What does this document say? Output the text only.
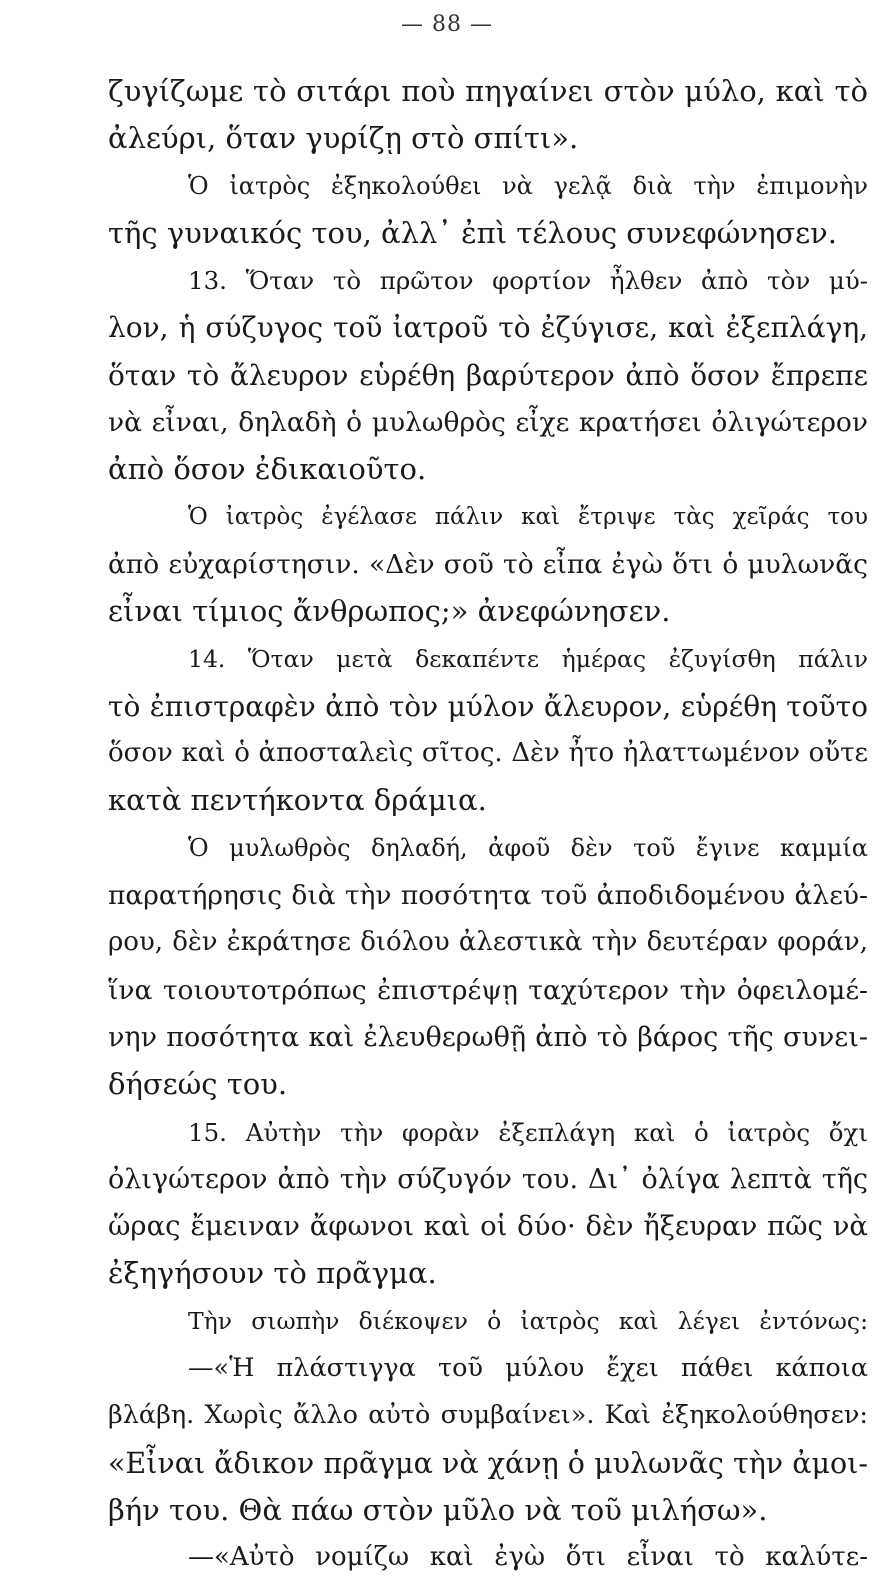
— 88 —
ζυγίζωμε τὸ σιτάρι ποὺ πηγαίνει στὸν μύλο, καὶ τὸ
ἀλεύρι, ὅταν γυρίζῃ στὸ σπίτι».
Ὁ ἰατρὸς ἐξηκολούθει νὰ γελᾷ διὰ τὴν ἐπιμονὴν
τῆς γυναικός του, ἀλλ᾽ ἐπὶ τέλους συνεφώνησεν.
13. Ὅταν τὸ πρῶτον φορτίον ἦλθεν ἀπὸ τὸν μύ-
λον, ἡ σύζυγος τοῦ ἰατροῦ τὸ ἐζύγισε, καὶ ἐξεπλάγη,
ὅταν τὸ ἄλευρον εὑρέθη βαρύτερον ἀπὸ ὅσον ἔπρεπε
νὰ εἶναι, δηλαδὴ ὁ μυλωθρὸς εἶχε κρατήσει ὀλιγώτερον
ἀπὸ ὅσον ἐδικαιοῦτο.
Ὁ ἰατρὸς ἐγέλασε πάλιν καὶ ἔτριψε τὰς χεῖράς του
ἀπὸ εὐχαρίστησιν. «Δὲν σοῦ τὸ εἶπα ἐγὼ ὅτι ὁ μυλωνᾶς
εἶναι τίμιος ἄνθρωπος;» ἀνεφώνησεν.
14. Ὅταν μετὰ δεκαπέντε ἡμέρας ἐζυγίσθη πάλιν
τὸ ἐπιστραφὲν ἀπὸ τὸν μύλον ἄλευρον, εὑρέθη τοῦτο
ὅσον καὶ ὁ ἀποσταλεὶς σῖτος. Δὲν ἦτο ἠλαττωμένον οὔτε
κατὰ πεντήκοντα δράμια.
Ὁ μυλωθρὸς δηλαδή, ἀφοῦ δὲν τοῦ ἔγινε καμμία
παρατήρησις διὰ τὴν ποσότητα τοῦ ἀποδιδομένου ἀλεύ-
ρου, δὲν ἐκράτησε διόλου ἀλεστικὰ τὴν δευτέραν φοράν,
ἵνα τοιουτοτρόπως ἐπιστρέψῃ ταχύτερον τὴν ὀφειλομέ-
νην ποσότητα καὶ ἐλευθερωθῇ ἀπὸ τὸ βάρος τῆς συνει-
δήσεώς του.
15. Αὐτὴν τὴν φορὰν ἐξεπλάγη καὶ ὁ ἰατρὸς ὄχι
ὀλιγώτερον ἀπὸ τὴν σύζυγόν του. Δι᾽ ὀλίγα λεπτὰ τῆς
ὥρας ἔμειναν ἄφωνοι καὶ οἱ δύο· δὲν ἤξευραν πῶς νὰ
ἐξηγήσουν τὸ πρᾶγμα.
Τὴν σιωπὴν διέκοψεν ὁ ἰατρὸς καὶ λέγει ἐντόνως:
—«Ἡ πλάστιγγα τοῦ μύλου ἔχει πάθει κάποια
βλάβη. Χωρὶς ἄλλο αὐτὸ συμβαίνει». Καὶ ἐξηκολούθησεν:
«Εἶναι ἄδικον πρᾶγμα νὰ χάνῃ ὁ μυλωνᾶς τὴν ἀμοι-
βήν του. Θὰ πάω στὸν μῦλο νὰ τοῦ μιλήσω».
—«Αὐτὸ νομίζω καὶ ἐγὼ ὅτι εἶναι τὸ καλύτε-
